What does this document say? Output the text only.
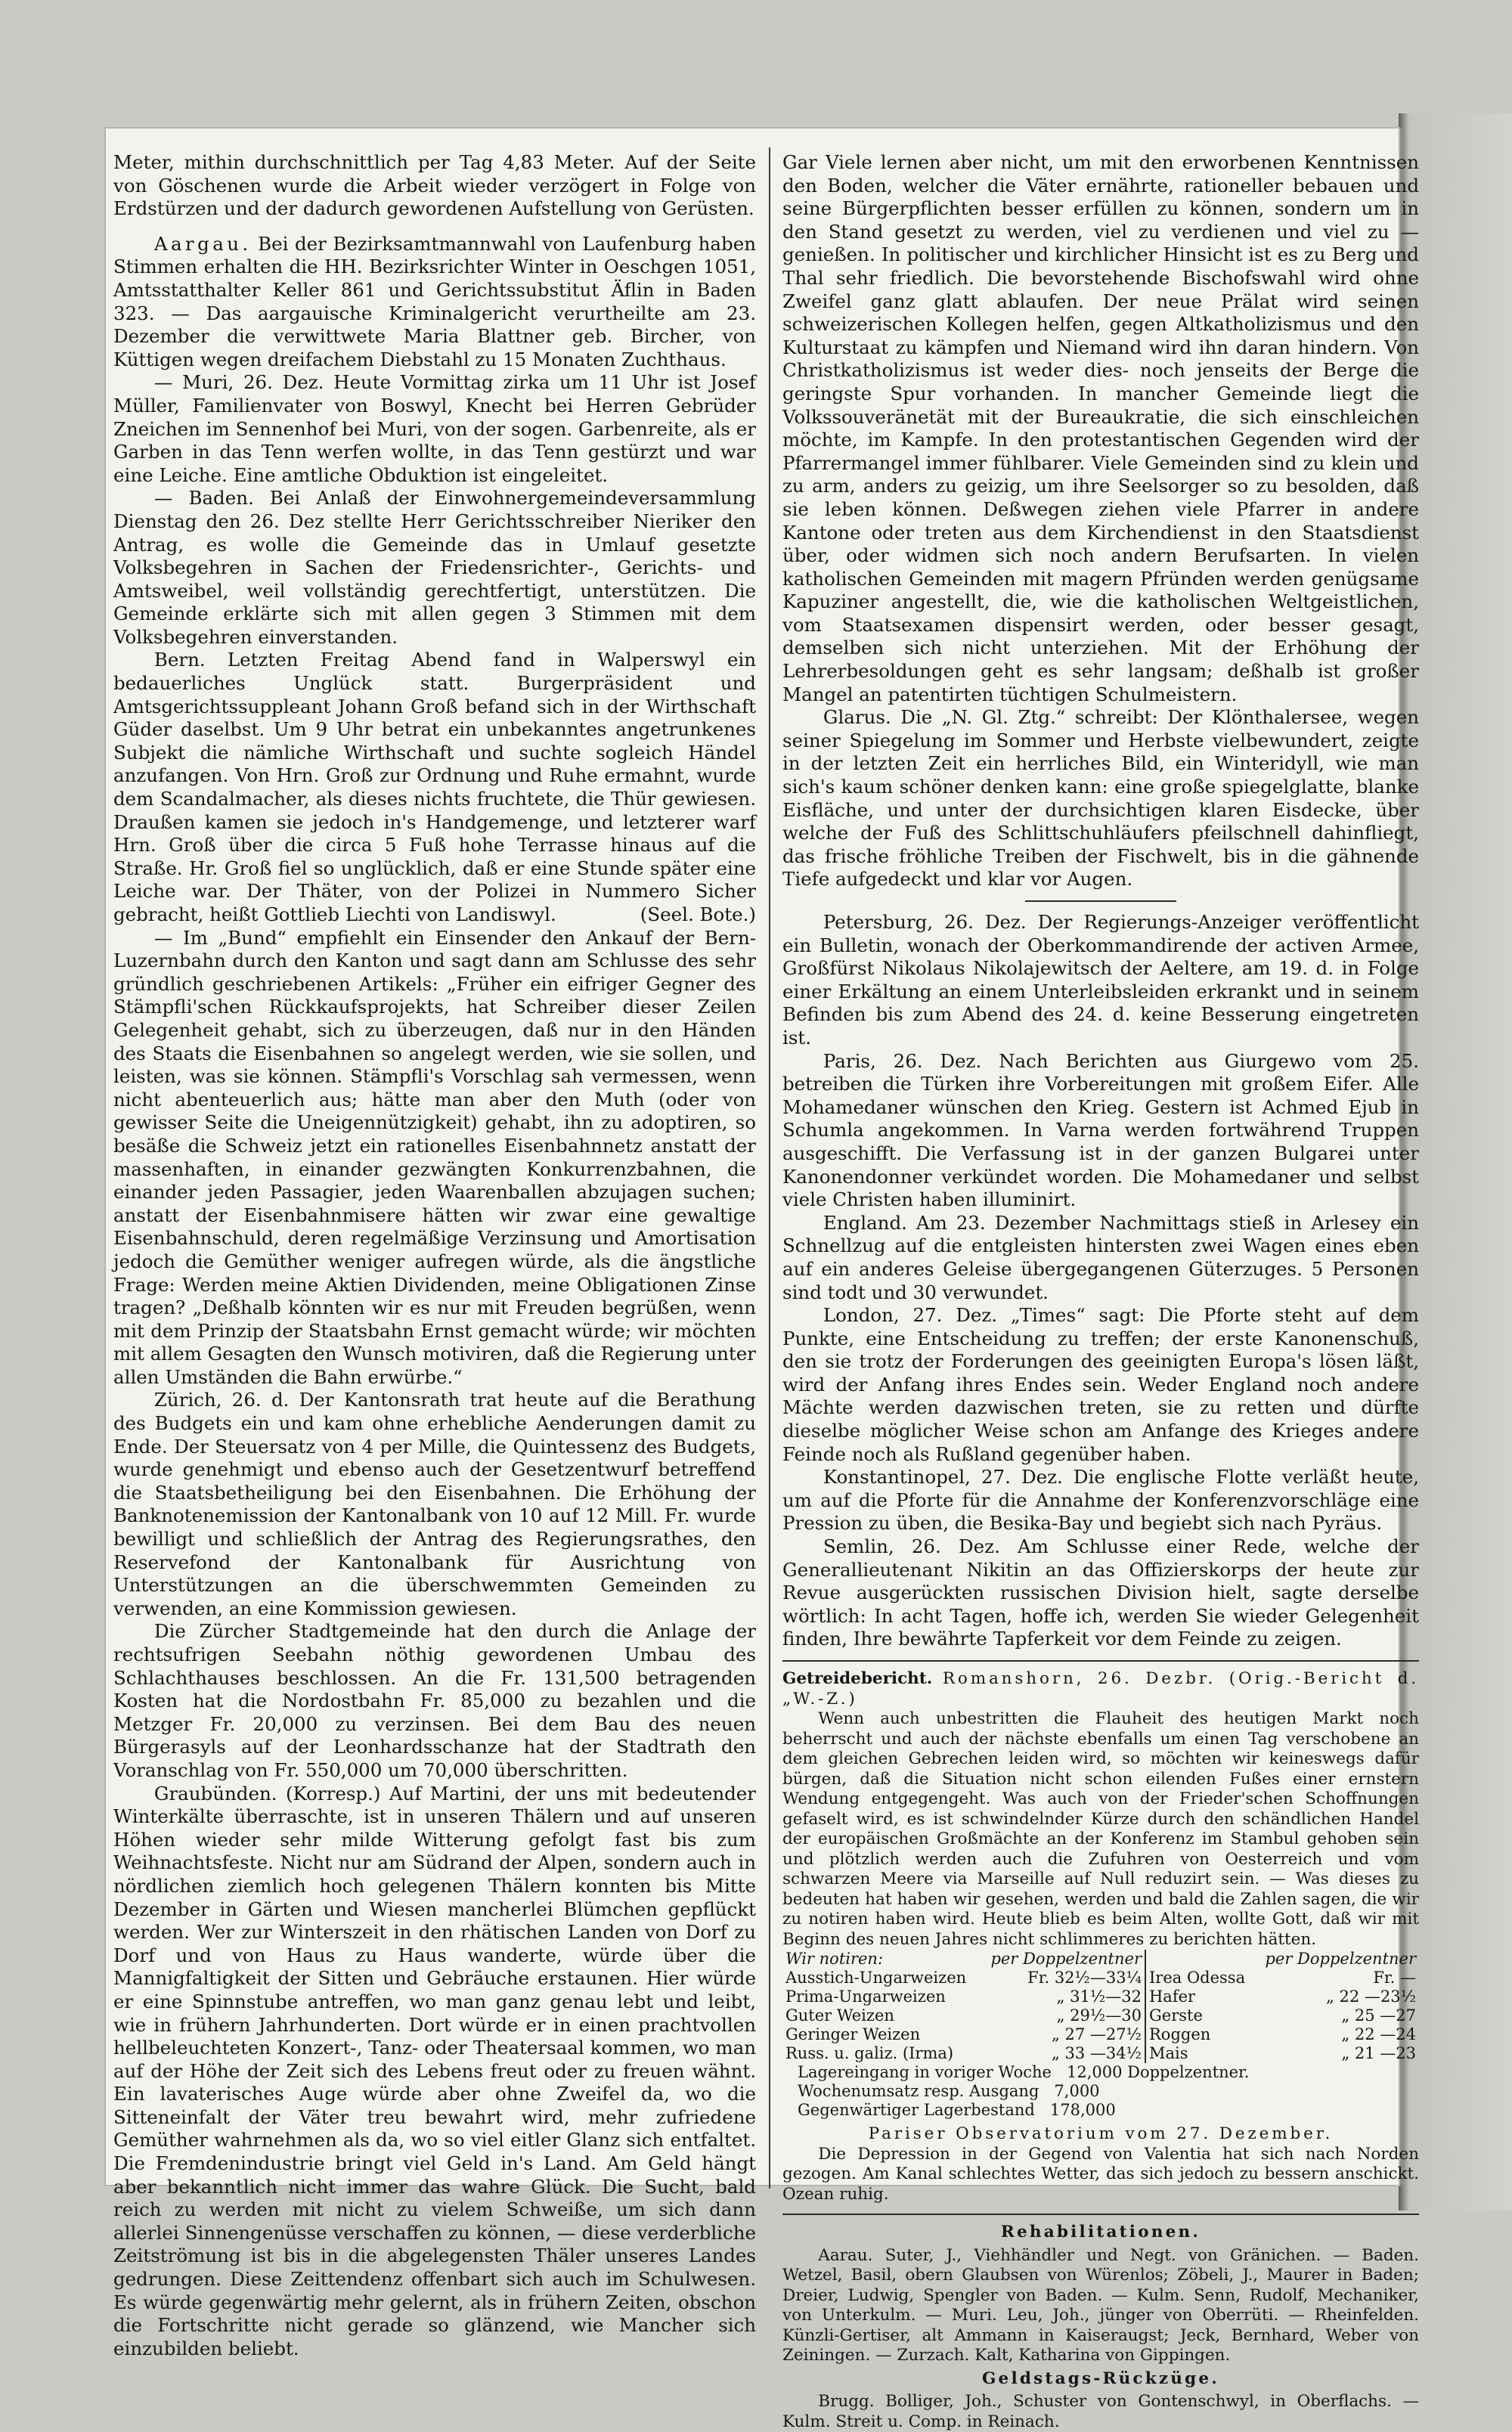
Meter, mithin durchschnittlich per Tag 4,83 Meter. Auf der Seite von Göschenen wurde die Arbeit wieder verzögert in Folge von Erdstürzen und der dadurch gewordenen Aufstellung von Gerüsten.

Aargau. Bei der Bezirksamtmannwahl von Laufenburg haben Stimmen erhalten die HH. Bezirksrichter Winter in Oeschgen 1051, Amtsstatthalter Keller 861 und Gerichtssubstitut Äflin in Baden 323. — Das aargauische Kriminalgericht verurtheilte am 23. Dezember die verwittwete Maria Blattner geb. Bircher, von Küttigen wegen dreifachem Diebstahl zu 15 Monaten Zuchthaus.

— Muri, 26. Dez. Heute Vormittag zirka um 11 Uhr ist Josef Müller, Familienvater von Boswyl, Knecht bei Herren Gebrüder Zneichen im Sennenhof bei Muri, von der sogen. Garbenreite, als er Garben in das Tenn werfen wollte, in das Tenn gestürzt und war eine Leiche. Eine amtliche Obduktion ist eingeleitet.

— Baden. Bei Anlaß der Einwohnergemeindeversammlung Dienstag den 26. Dez stellte Herr Gerichtsschreiber Nieriker den Antrag, es wolle die Gemeinde das in Umlauf gesetzte Volksbegehren in Sachen der Friedensrichter-, Gerichts- und Amtsweibel, weil vollständig gerechtfertigt, unterstützen. Die Gemeinde erklärte sich mit allen gegen 3 Stimmen mit dem Volksbegehren einverstanden.

Bern. Letzten Freitag Abend fand in Walperswyl ein bedauerliches Unglück statt. Burgerpräsident und Amtsgerichtssuppleant Johann Groß befand sich in der Wirthschaft Güder daselbst. Um 9 Uhr betrat ein unbekanntes angetrunkenes Subjekt die nämliche Wirthschaft und suchte sogleich Händel anzufangen. Von Hrn. Groß zur Ordnung und Ruhe ermahnt, wurde dem Scandalmacher, als dieses nichts fruchtete, die Thür gewiesen. Draußen kamen sie jedoch in's Handgemenge, und letzterer warf Hrn. Groß über die circa 5 Fuß hohe Terrasse hinaus auf die Straße. Hr. Groß fiel so unglücklich, daß er eine Stunde später eine Leiche war. Der Thäter, von der Polizei in Nummero Sicher gebracht, heißt Gottlieb Liechti von Landiswyl.	(Seel. Bote.)

— Im „Bund“ empfiehlt ein Einsender den Ankauf der Bern-Luzernbahn durch den Kanton und sagt dann am Schlusse des sehr gründlich geschriebenen Artikels: „Früher ein eifriger Gegner des Stämpfli'schen Rückkaufsprojekts, hat Schreiber dieser Zeilen Gelegenheit gehabt, sich zu überzeugen, daß nur in den Händen des Staats die Eisenbahnen so angelegt werden, wie sie sollen, und leisten, was sie können. Stämpfli's Vorschlag sah vermessen, wenn nicht abenteuerlich aus; hätte man aber den Muth (oder von gewisser Seite die Uneigennützigkeit) gehabt, ihn zu adoptiren, so besäße die Schweiz jetzt ein rationelles Eisenbahnnetz anstatt der massenhaften, in einander gezwängten Konkurrenzbahnen, die einander jeden Passagier, jeden Waarenballen abzujagen suchen; anstatt der Eisenbahnmisere hätten wir zwar eine gewaltige Eisenbahnschuld, deren regelmäßige Verzinsung und Amortisation jedoch die Gemüther weniger aufregen würde, als die ängstliche Frage: Werden meine Aktien Dividenden, meine Obligationen Zinse tragen? „Deßhalb könnten wir es nur mit Freuden begrüßen, wenn mit dem Prinzip der Staatsbahn Ernst gemacht würde; wir möchten mit allem Gesagten den Wunsch motiviren, daß die Regierung unter allen Umständen die Bahn erwürbe.“

Zürich, 26. d. Der Kantonsrath trat heute auf die Berathung des Budgets ein und kam ohne erhebliche Aenderungen damit zu Ende. Der Steuersatz von 4 per Mille, die Quintessenz des Budgets, wurde genehmigt und ebenso auch der Gesetzentwurf betreffend die Staatsbetheiligung bei den Eisenbahnen. Die Erhöhung der Banknotenemission der Kantonalbank von 10 auf 12 Mill. Fr. wurde bewilligt und schließlich der Antrag des Regierungsrathes, den Reservefond der Kantonalbank für Ausrichtung von Unterstützungen an die überschwemmten Gemeinden zu verwenden, an eine Kommission gewiesen.

Die Zürcher Stadtgemeinde hat den durch die Anlage der rechtsufrigen Seebahn nöthig gewordenen Umbau des Schlachthauses beschlossen. An die Fr. 131,500 betragenden Kosten hat die Nordostbahn Fr. 85,000 zu bezahlen und die Metzger Fr. 20,000 zu verzinsen. Bei dem Bau des neuen Bürgerasyls auf der Leonhardsschanze hat der Stadtrath den Voranschlag von Fr. 550,000 um 70,000 überschritten.

Graubünden. (Korresp.) Auf Martini, der uns mit bedeutender Winterkälte überraschte, ist in unseren Thälern und auf unseren Höhen wieder sehr milde Witterung gefolgt fast bis zum Weihnachtsfeste. Nicht nur am Südrand der Alpen, sondern auch in nördlichen ziemlich hoch gelegenen Thälern konnten bis Mitte Dezember in Gärten und Wiesen mancherlei Blümchen gepflückt werden. Wer zur Winterszeit in den rhätischen Landen von Dorf zu Dorf und von Haus zu Haus wanderte, würde über die Mannigfaltigkeit der Sitten und Gebräuche erstaunen. Hier würde er eine Spinnstube antreffen, wo man ganz genau lebt und leibt, wie in frühern Jahrhunderten. Dort würde er in einen prachtvollen hellbeleuchteten Konzert-, Tanz- oder Theatersaal kommen, wo man auf der Höhe der Zeit sich des Lebens freut oder zu freuen wähnt. Ein lavaterisches Auge würde aber ohne Zweifel da, wo die Sitteneinfalt der Väter treu bewahrt wird, mehr zufriedene Gemüther wahrnehmen als da, wo so viel eitler Glanz sich entfaltet. Die Fremdenindustrie bringt viel Geld in's Land. Am Geld hängt aber bekanntlich nicht immer das wahre Glück. Die Sucht, bald reich zu werden mit nicht zu vielem Schweiße, um sich dann allerlei Sinnengenüsse verschaffen zu können, — diese verderbliche Zeitströmung ist bis in die abgelegensten Thäler unseres Landes gedrungen. Diese Zeittendenz offenbart sich auch im Schulwesen. Es würde gegenwärtig mehr gelernt, als in frühern Zeiten, obschon die Fortschritte nicht gerade so glänzend, wie Mancher sich einzubilden beliebt.

Gar Viele lernen aber nicht, um mit den erworbenen Kenntnissen den Boden, welcher die Väter ernährte, rationeller bebauen und seine Bürgerpflichten besser erfüllen zu können, sondern um in den Stand gesetzt zu werden, viel zu verdienen und viel zu — genießen. In politischer und kirchlicher Hinsicht ist es zu Berg und Thal sehr friedlich. Die bevorstehende Bischofswahl wird ohne Zweifel ganz glatt ablaufen. Der neue Prälat wird seinen schweizerischen Kollegen helfen, gegen Altkatholizismus und den Kulturstaat zu kämpfen und Niemand wird ihn daran hindern. Von Christkatholizismus ist weder dies- noch jenseits der Berge die geringste Spur vorhanden. In mancher Gemeinde liegt die Volkssouveränetät mit der Bureaukratie, die sich einschleichen möchte, im Kampfe. In den protestantischen Gegenden wird der Pfarrermangel immer fühlbarer. Viele Gemeinden sind zu klein und zu arm, anders zu geizig, um ihre Seelsorger so zu besolden, daß sie leben können. Deßwegen ziehen viele Pfarrer in andere Kantone oder treten aus dem Kirchendienst in den Staatsdienst über, oder widmen sich noch andern Berufsarten. In vielen katholischen Gemeinden mit magern Pfründen werden genügsame Kapuziner angestellt, die, wie die katholischen Weltgeistlichen, vom Staatsexamen dispensirt werden, oder besser gesagt, demselben sich nicht unterziehen. Mit der Erhöhung der Lehrerbesoldungen geht es sehr langsam; deßhalb ist großer Mangel an patentirten tüchtigen Schulmeistern.

Glarus. Die „N. Gl. Ztg.“ schreibt: Der Klönthalersee, wegen seiner Spiegelung im Sommer und Herbste vielbewundert, zeigte in der letzten Zeit ein herrliches Bild, ein Winteridyll, wie man sich's kaum schöner denken kann: eine große spiegelglatte, blanke Eisfläche, und unter der durchsichtigen klaren Eisdecke, über welche der Fuß des Schlittschuhläufers pfeilschnell dahinfliegt, das frische fröhliche Treiben der Fischwelt, bis in die gähnende Tiefe aufgedeckt und klar vor Augen.

Petersburg, 26. Dez. Der Regierungs-Anzeiger veröffentlicht ein Bulletin, wonach der Oberkommandirende der activen Armee, Großfürst Nikolaus Nikolajewitsch der Aeltere, am 19. d. in Folge einer Erkältung an einem Unterleibsleiden erkrankt und in seinem Befinden bis zum Abend des 24. d. keine Besserung eingetreten ist.

Paris, 26. Dez. Nach Berichten aus Giurgewo vom 25. betreiben die Türken ihre Vorbereitungen mit großem Eifer. Alle Mohamedaner wünschen den Krieg. Gestern ist Achmed Ejub in Schumla angekommen. In Varna werden fortwährend Truppen ausgeschifft. Die Verfassung ist in der ganzen Bulgarei unter Kanonendonner verkündet worden. Die Mohamedaner und selbst viele Christen haben illuminirt.

England. Am 23. Dezember Nachmittags stieß in Arlesey ein Schnellzug auf die entgleisten hintersten zwei Wagen eines eben auf ein anderes Geleise übergegangenen Güterzuges. 5 Personen sind todt und 30 verwundet.

London, 27. Dez. „Times“ sagt: Die Pforte steht auf dem Punkte, eine Entscheidung zu treffen; der erste Kanonenschuß, den sie trotz der Forderungen des geeinigten Europa's lösen läßt, wird der Anfang ihres Endes sein. Weder England noch andere Mächte werden dazwischen treten, sie zu retten und dürfte dieselbe möglicher Weise schon am Anfange des Krieges andere Feinde noch als Rußland gegenüber haben.

Konstantinopel, 27. Dez. Die englische Flotte verläßt heute, um auf die Pforte für die Annahme der Konferenzvorschläge eine Pression zu üben, die Besika-Bay und begiebt sich nach Pyräus.

Semlin, 26. Dez. Am Schlusse einer Rede, welche der Generallieutenant Nikitin an das Offizierskorps der heute zur Revue ausgerückten russischen Division hielt, sagte derselbe wörtlich: In acht Tagen, hoffe ich, werden Sie wieder Gelegenheit finden, Ihre bewährte Tapferkeit vor dem Feinde zu zeigen.

Getreidebericht. Romanshorn, 26. Dezbr. (Orig.-Bericht d. „W.-Z.)

Wenn auch unbestritten die Flauheit des heutigen Markt noch beherrscht und auch der nächste ebenfalls um einen Tag verschobene an dem gleichen Gebrechen leiden wird, so möchten wir keineswegs dafür bürgen, daß die Situation nicht schon eilenden Fußes einer ernstern Wendung entgegengeht. Was auch von der Frieder'schen Schoffnungen gefaselt wird, es ist schwindelnder Kürze durch den schändlichen Handel der europäischen Großmächte an der Konferenz im Stambul gehoben sein und plötzlich werden auch die Zufuhren von Oesterreich und vom schwarzen Meere via Marseille auf Null reduzirt sein. — Was dieses zu bedeuten hat haben wir gesehen, werden und bald die Zahlen sagen, die wir zu notiren haben wird. Heute blieb es beim Alten, wollte Gott, daß wir mit Beginn des neuen Jahres nicht schlimmeres zu berichten hätten.

Wir notiren:	per Doppelzentner		per Doppelzentner
Ausstich-Ungarweizen	Fr. 32½—33¼	Irea Odessa	Fr. —
Prima-Ungarweizen	„ 31½—32	Hafer	„ 22 —23½
Guter Weizen	„ 29½—30	Gerste	„ 25 —27
Geringer Weizen	„ 27 —27½	Roggen	„ 22 —24
Russ. u. galiz. (Irma)	„ 33 —34½	Mais	„ 21 —23
Lagereingang in voriger Woche 12,000 Doppelzentner.
Wochenumsatz resp. Ausgang 7,000
Gegenwärtiger Lagerbestand 178,000

Pariser Observatorium vom 27. Dezember.

Die Depression in der Gegend von Valentia hat sich nach Norden gezogen. Am Kanal schlechtes Wetter, das sich jedoch zu bessern anschickt. Ozean ruhig.

Rehabilitationen.

Aarau. Suter, J., Viehhändler und Negt. von Gränichen. — Baden. Wetzel, Basil, obern Glaubsen von Würenlos; Zöbeli, J., Maurer in Baden; Dreier, Ludwig, Spengler von Baden. — Kulm. Senn, Rudolf, Mechaniker, von Unterkulm. — Muri. Leu, Joh., jünger von Oberrüti. — Rheinfelden. Künzli-Gertiser, alt Ammann in Kaiseraugst; Jeck, Bernhard, Weber von Zeiningen. — Zurzach. Kalt, Katharina von Gippingen.

Geldstags-Rückzüge.

Brugg. Bolliger, Joh., Schuster von Gontenschwyl, in Oberflachs. — Kulm. Streit u. Comp. in Reinach.
